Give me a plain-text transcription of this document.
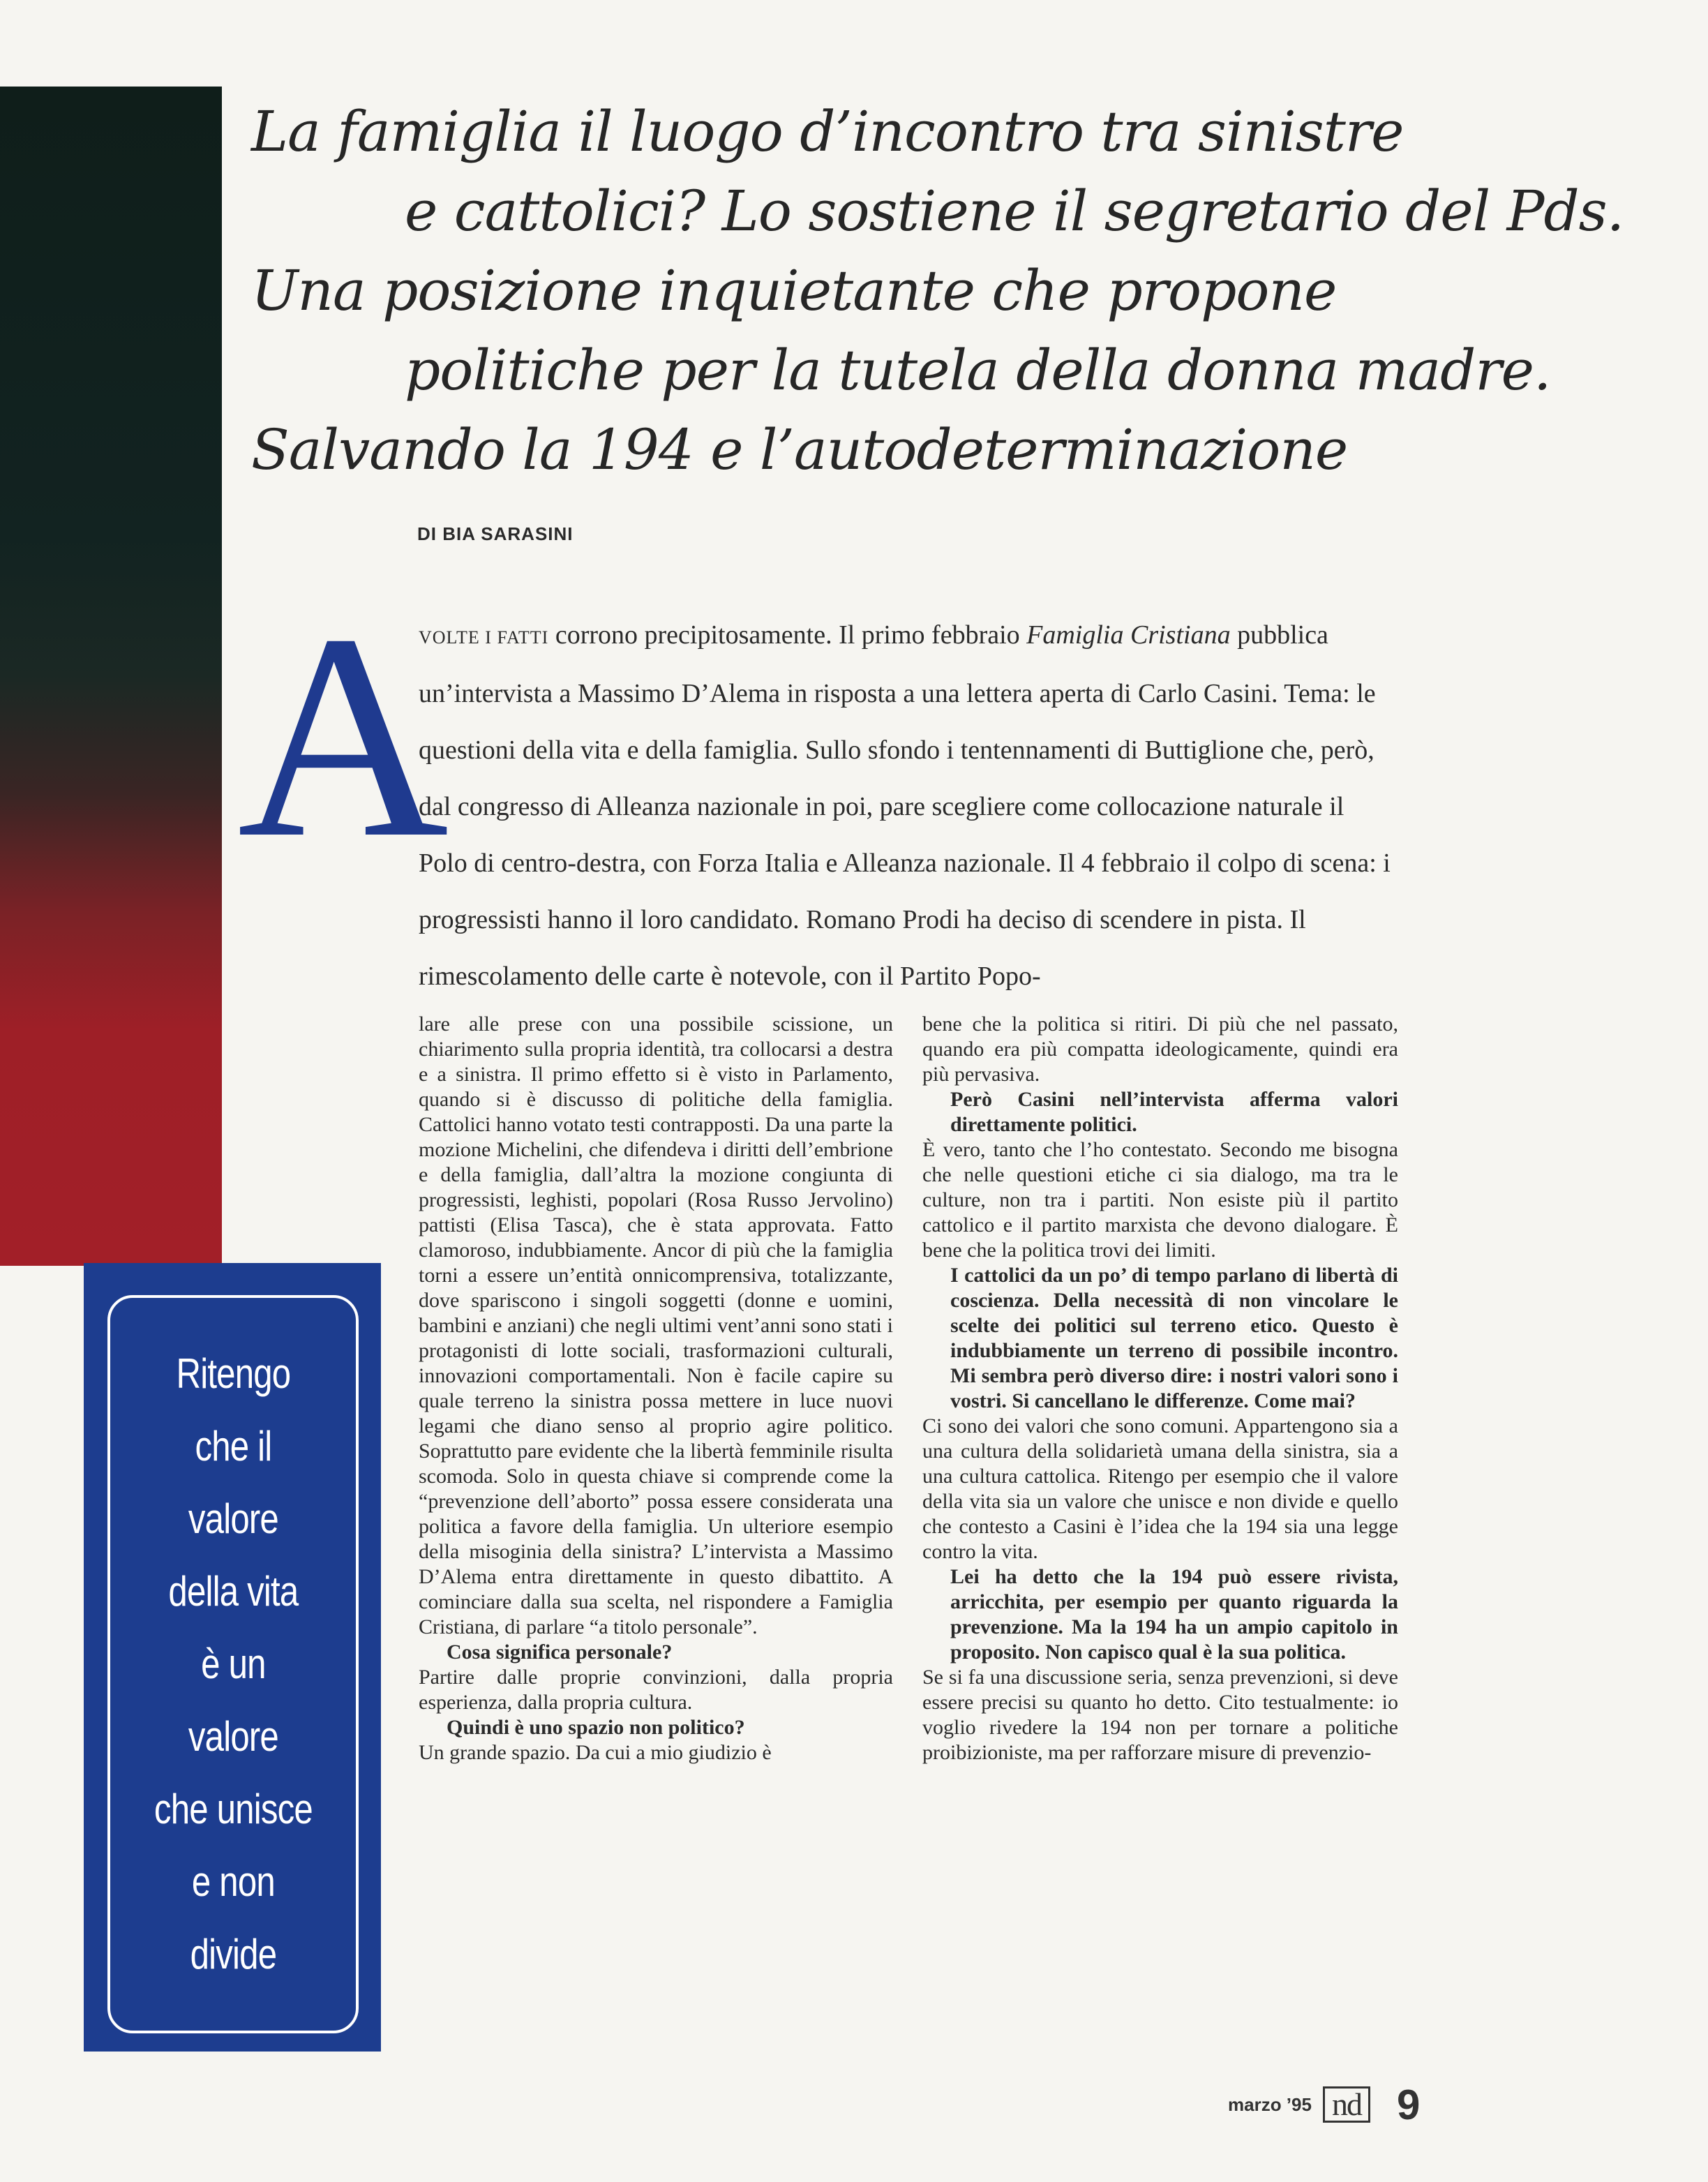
La famiglia il luogo d’incontro tra sinistre
e cattolici? Lo sostiene il segretario del Pds.
Una posizione inquietante che propone
politiche per la tutela della donna madre.
Salvando la 194 e l’autodeterminazione
DI BIA SARASINI
A

VOLTE I FATTI corrono precipitosamente. Il primo febbraio Famiglia Cristiana pubblica un’intervista a Massimo D’Alema in risposta a una lettera aperta di Carlo Casini. Tema: le questioni della vita e della famiglia. Sullo sfondo i tentennamenti di Buttiglione che, però, dal congresso di Alleanza nazionale in poi, pare scegliere come collocazione naturale il Polo di centro-destra, con Forza Italia e Alleanza nazionale. Il 4 febbraio il colpo di scena: i progressisti hanno il loro candidato. Romano Prodi ha deciso di scendere in pista. Il rimescolamento delle carte è notevole, con il Partito Popo-

lare alle prese con una possibile scissione, un chiarimento sulla propria identità, tra collocarsi a destra e a sinistra. Il primo effetto si è visto in Parlamento, quando si è discusso di politiche della famiglia. Cattolici hanno votato testi contrapposti. Da una parte la mozione Michelini, che difendeva i diritti dell’embrione e della famiglia, dall’altra la mozione congiunta di progressisti, leghisti, popolari (Rosa Russo Jervolino) pattisti (Elisa Tasca), che è stata approvata. Fatto clamoroso, indubbiamente. Ancor di più che la famiglia torni a essere un’entità onnicomprensiva, totalizzante, dove spariscono i singoli soggetti (donne e uomini, bambini e anziani) che negli ultimi vent’anni sono stati i protagonisti di lotte sociali, trasformazioni culturali, innovazioni comportamentali. Non è facile capire su quale terreno la sinistra possa mettere in luce nuovi legami che diano senso al proprio agire politico. Soprattutto pare evidente che la libertà femminile risulta scomoda. Solo in questa chiave si comprende come la “prevenzione dell’aborto” possa essere considerata una politica a favore della famiglia. Un ulteriore esempio della misoginia della sinistra? L’intervista a Massimo D’Alema entra direttamente in questo dibattito. A cominciare dalla sua scelta, nel rispondere a Famiglia Cristiana, di parlare “a titolo personale”.

Cosa significa personale?

Partire dalle proprie convinzioni, dalla propria esperienza, dalla propria cultura.

Quindi è uno spazio non politico?

Un grande spazio. Da cui a mio giudizio è

bene che la politica si ritiri. Di più che nel passato, quando era più compatta ideologicamente, quindi era più pervasiva.

Però Casini nell’intervista afferma valori direttamente politici.

È vero, tanto che l’ho contestato. Secondo me bisogna che nelle questioni etiche ci sia dialogo, ma tra le culture, non tra i partiti. Non esiste più il partito cattolico e il partito marxista che devono dialogare. È bene che la politica trovi dei limiti.

I cattolici da un po’ di tempo parlano di libertà di coscienza. Della necessità di non vincolare le scelte dei politici sul terreno etico. Questo è indubbiamente un terreno di possibile incontro. Mi sembra però diverso dire: i nostri valori sono i vostri. Si cancellano le differenze. Come mai?

Ci sono dei valori che sono comuni. Appartengono sia a una cultura della solidarietà umana della sinistra, sia a una cultura cattolica. Ritengo per esempio che il valore della vita sia un valore che unisce e non divide e quello che contesto a Casini è l’idea che la 194 sia una legge contro la vita.

Lei ha detto che la 194 può essere rivista, arricchita, per esempio per quanto riguarda la prevenzione. Ma la 194 ha un ampio capitolo in proposito. Non capisco qual è la sua politica.

Se si fa una discussione seria, senza prevenzioni, si deve essere precisi su quanto ho detto. Cito testualmente: io voglio rivedere la 194 non per tornare a politiche proibizioniste, ma per rafforzare misure di prevenzio-

Ritengo
che il
valore
della vita
è un
valore
che unisce
e non
divide
marzo ’95 nd 9
